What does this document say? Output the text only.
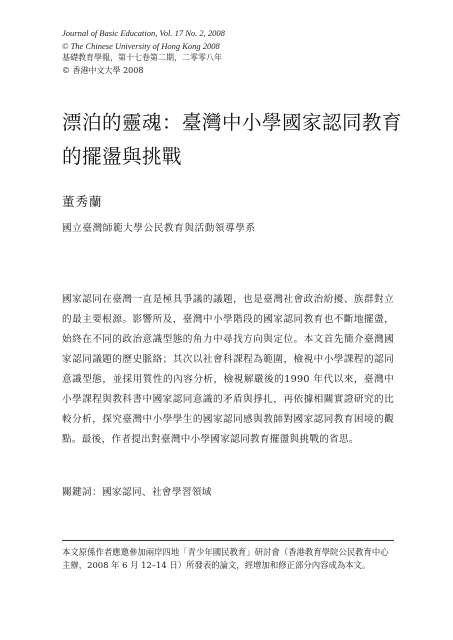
Journal of Basic Education, Vol. 17 No. 2, 2008
© The Chinese University of Hong Kong 2008
基礎教育學報，第十七卷第二期，二零零八年
© 香港中文大學 2008
漂泊的靈魂：臺灣中小學國家認同教育的擺盪與挑戰
董秀蘭
國立臺灣師範大學公民教育與活動領導學系
國家認同在臺灣一直是極具爭議的議題，也是臺灣社會政治紛擾、族群對立的最主要根源。影響所及，臺灣中小學階段的國家認同教育也不斷地擺盪，始終在不同的政治意識型態的角力中尋找方向與定位。本文首先簡介臺灣國家認同議題的歷史脈絡；其次以社會科課程為範圍，檢視中小學課程的認同意識型態，並採用質性的內容分析，檢視解嚴後的1990 年代以來，臺灣中小學課程與教科書中國家認同意識的矛盾與掙扎，再依據相關實證研究的比較分析，探究臺灣中小學學生的國家認同感與教師對國家認同教育困境的觀點。最後，作者提出對臺灣中小學國家認同教育擺盪與挑戰的省思。
關鍵詞：國家認同、社會學習領域
本文原係作者應邀參加兩岸四地「青少年國民教育」研討會（香港教育學院公民教育中心主辦，2008 年 6 月 12–14 日）所發表的論文，經增加和修正部分內容成為本文。
